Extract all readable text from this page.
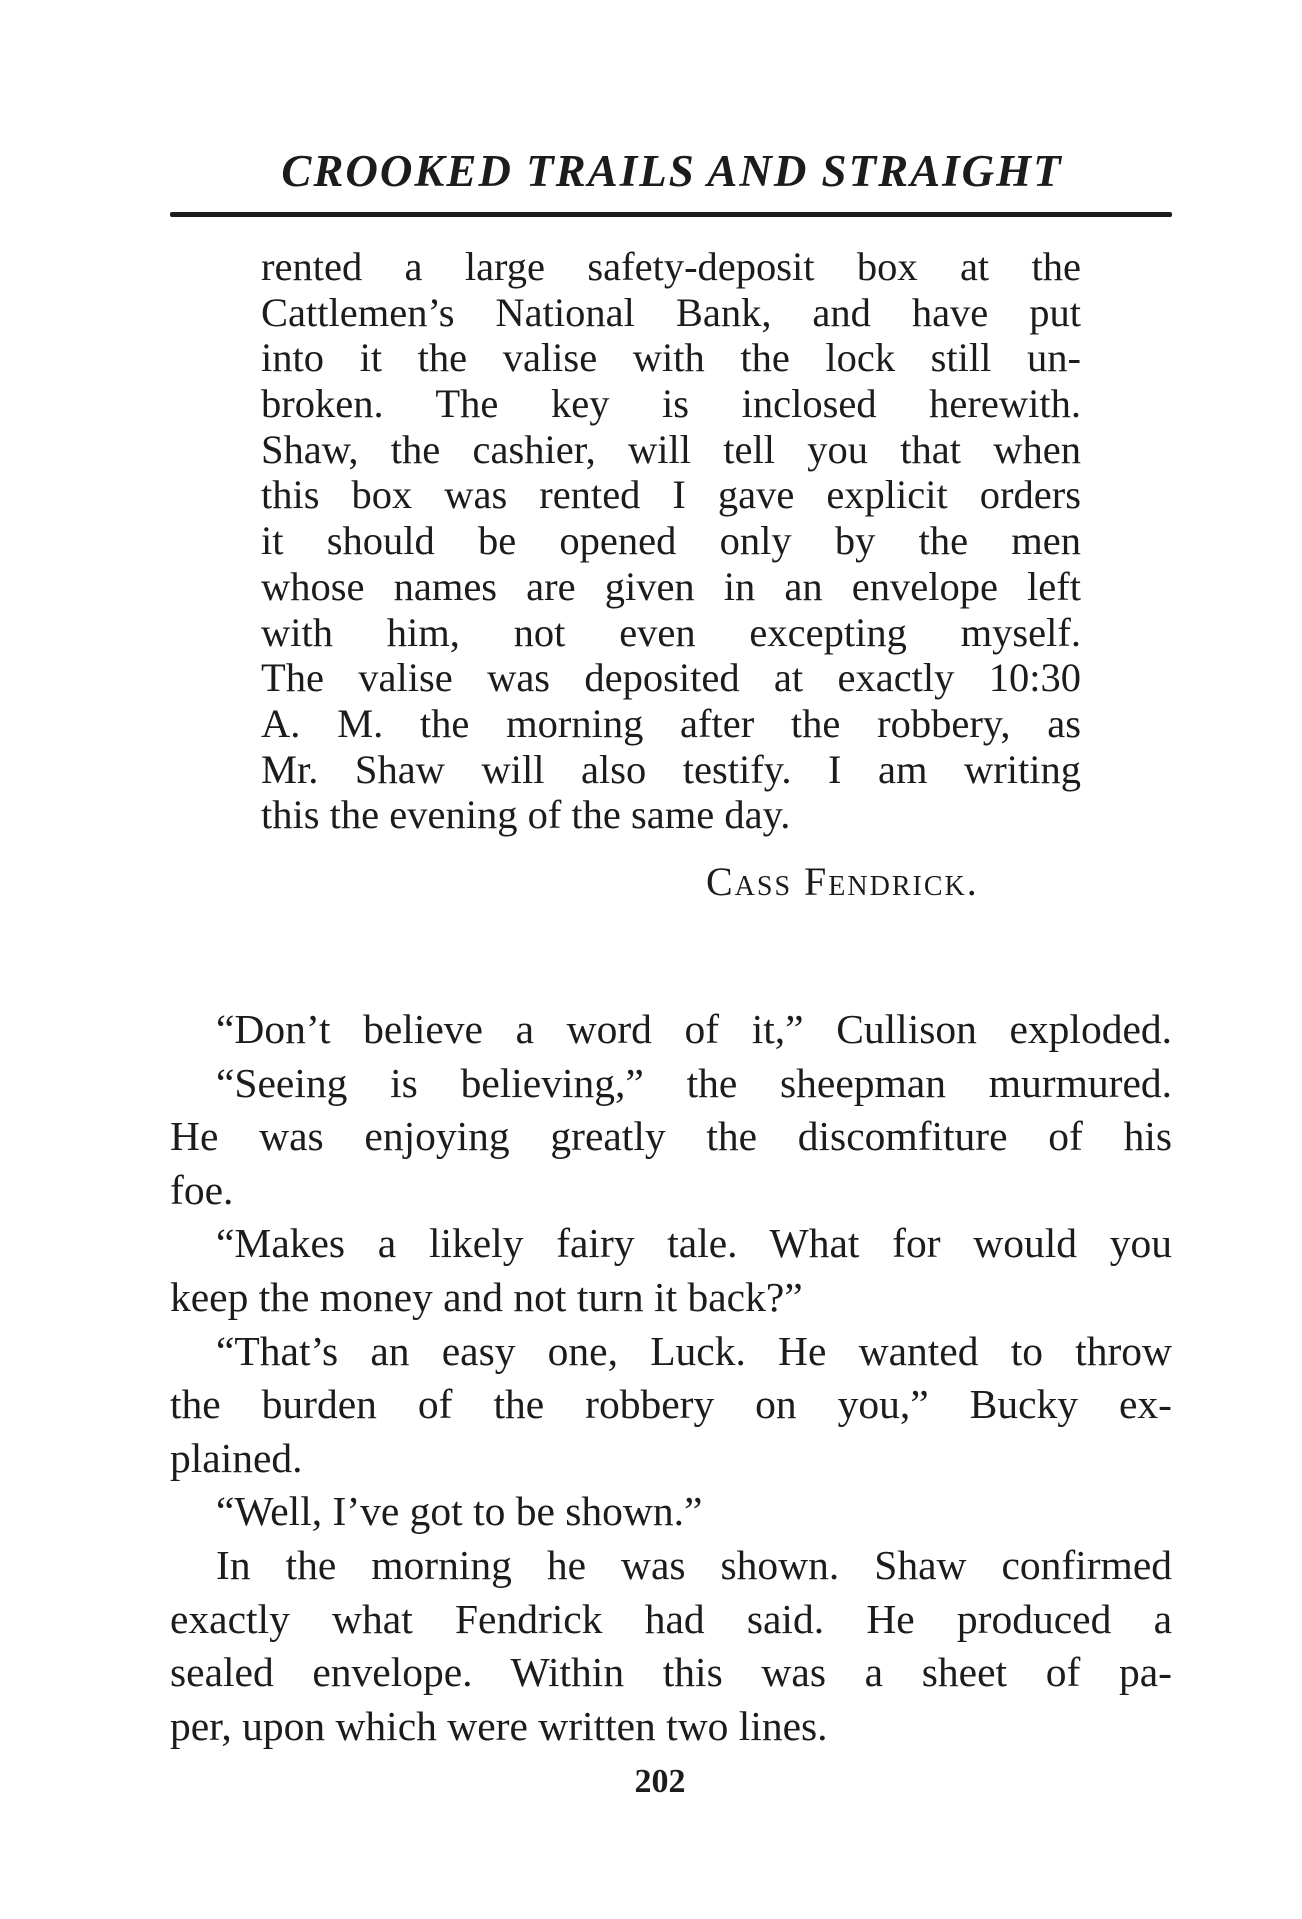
CROOKED TRAILS AND STRAIGHT
rented a large safety-deposit box at the
Cattlemen’s National Bank, and have put
into it the valise with the lock still un-
broken. The key is inclosed herewith.
Shaw, the cashier, will tell you that when
this box was rented I gave explicit orders
it should be opened only by the men
whose names are given in an envelope left
with him, not even excepting myself.
The valise was deposited at exactly 10:30
A. M. the morning after the robbery, as
Mr. Shaw will also testify. I am writing
this the evening of the same day.

Cass Fendrick.

“Don’t believe a word of it,” Cullison exploded.
“Seeing is believing,” the sheepman murmured.
He was enjoying greatly the discomfiture of his
foe.
“Makes a likely fairy tale. What for would you
keep the money and not turn it back?”
“That’s an easy one, Luck. He wanted to throw
the burden of the robbery on you,” Bucky ex-
plained.
“Well, I’ve got to be shown.”
In the morning he was shown. Shaw confirmed
exactly what Fendrick had said. He produced a
sealed envelope. Within this was a sheet of pa-
per, upon which were written two lines.

202
